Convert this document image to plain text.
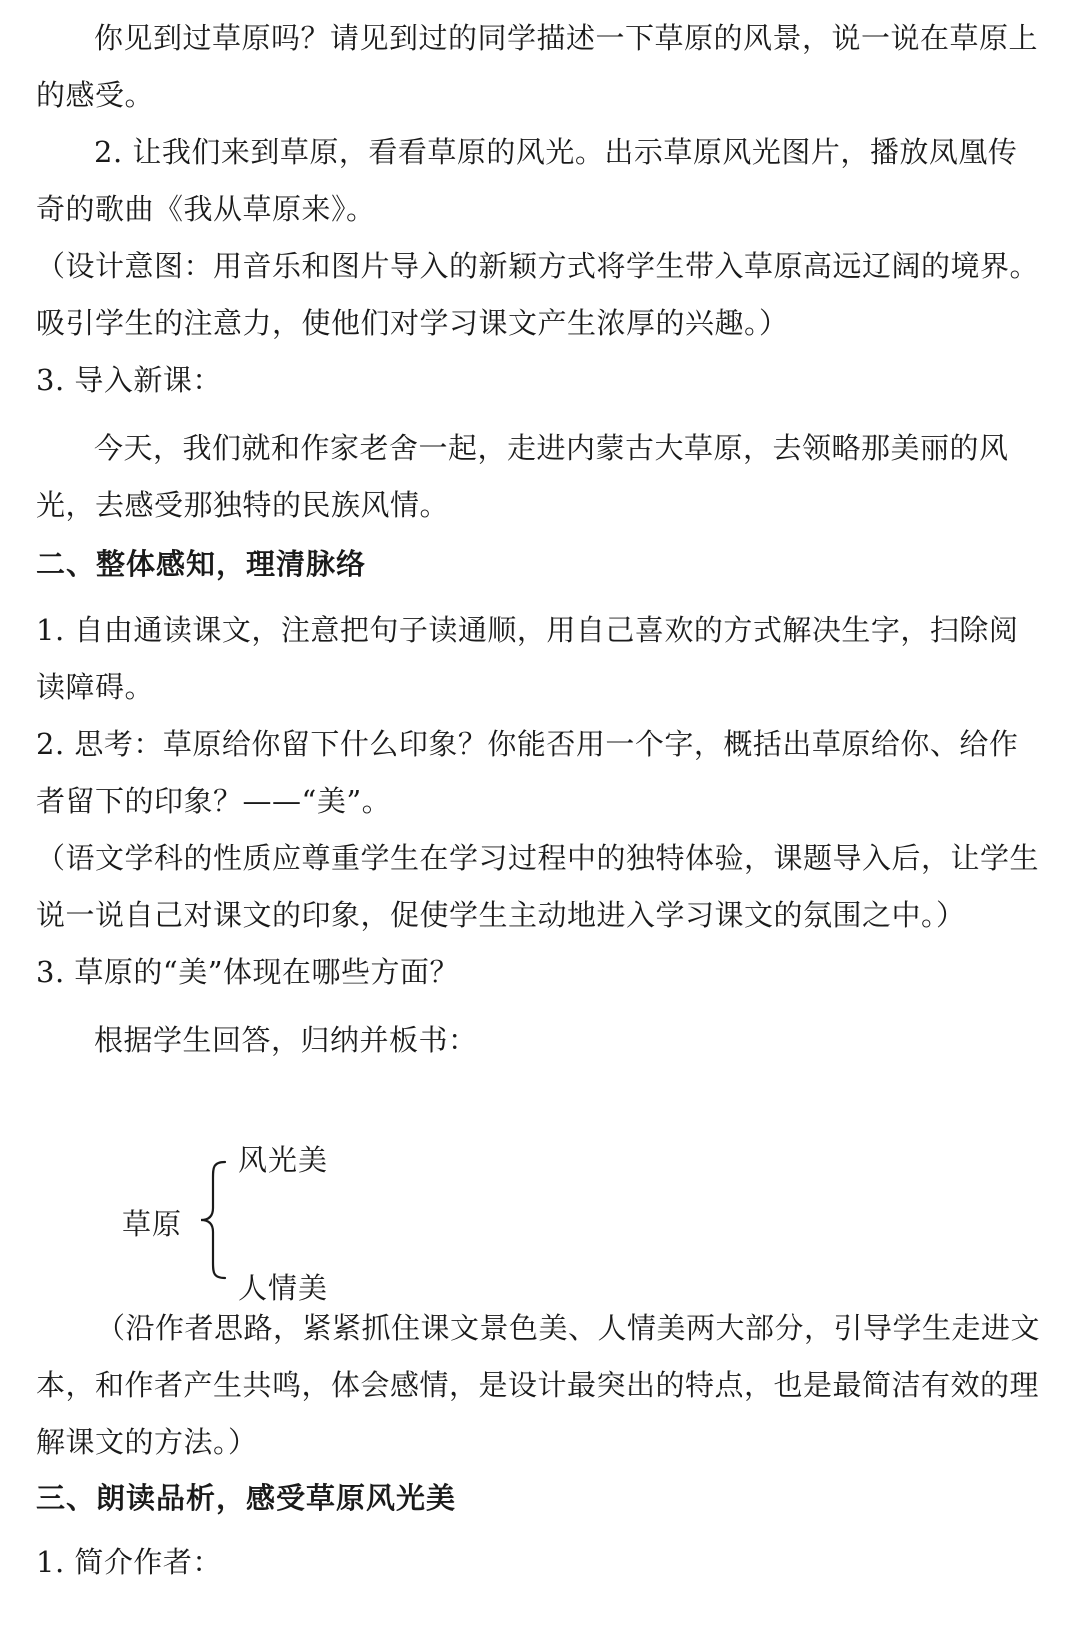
你见到过草原吗？请见到过的同学描述一下草原的风景，说一说在草原上的感受。

2. 让我们来到草原，看看草原的风光。出示草原风光图片，播放凤凰传奇的歌曲《我从草原来》。

（设计意图：用音乐和图片导入的新颖方式将学生带入草原高远辽阔的境界。吸引学生的注意力，使他们对学习课文产生浓厚的兴趣。）

3. 导入新课：

今天，我们就和作家老舍一起，走进内蒙古大草原，去领略那美丽的风光，去感受那独特的民族风情。

二、整体感知，理清脉络

1. 自由通读课文，注意把句子读通顺，用自己喜欢的方式解决生字，扫除阅读障碍。

2. 思考：草原给你留下什么印象？你能否用一个字，概括出草原给你、给作者留下的印象？——“美”。

（语文学科的性质应尊重学生在学习过程中的独特体验，课题导入后，让学生说一说自己对课文的印象，促使学生主动地进入学习课文的氛围之中。）

3. 草原的“美”体现在哪些方面？

根据学生回答，归纳并板书：

风光美
草原
人情美

（沿作者思路，紧紧抓住课文景色美、人情美两大部分，引导学生走进文本，和作者产生共鸣，体会感情，是设计最突出的特点，也是最简洁有效的理解课文的方法。）

三、朗读品析，感受草原风光美

1. 简介作者：
